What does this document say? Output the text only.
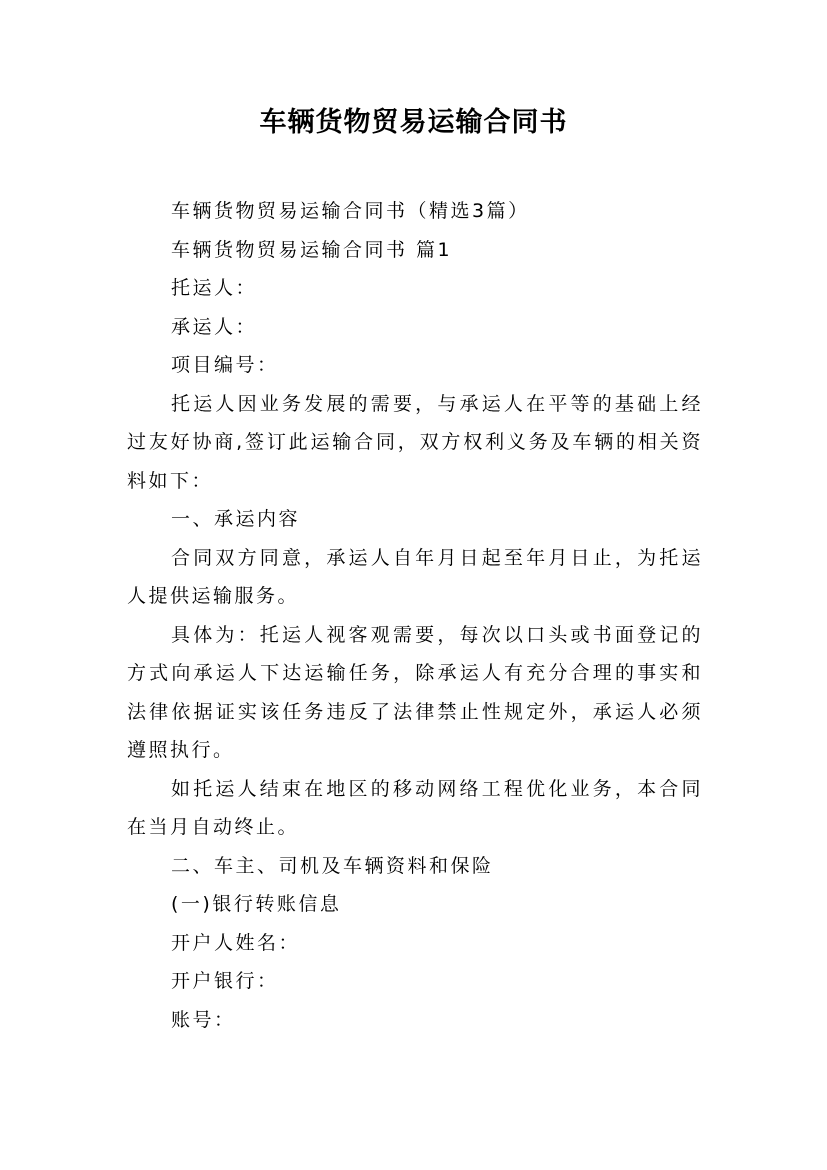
车辆货物贸易运输合同书

车辆货物贸易运输合同书（精选3篇）

车辆货物贸易运输合同书 篇1

托运人：

承运人：

项目编号：

托运人因业务发展的需要，与承运人在平等的基础上经过友好协商,签订此运输合同，双方权利义务及车辆的相关资料如下：

一、承运内容

合同双方同意，承运人自年月日起至年月日止，为托运人提供运输服务。

具体为：托运人视客观需要，每次以口头或书面登记的方式向承运人下达运输任务，除承运人有充分合理的事实和法律依据证实该任务违反了法律禁止性规定外，承运人必须遵照执行。

如托运人结束在地区的移动网络工程优化业务，本合同在当月自动终止。

二、车主、司机及车辆资料和保险

(一)银行转账信息

开户人姓名：

开户银行：

账号：
